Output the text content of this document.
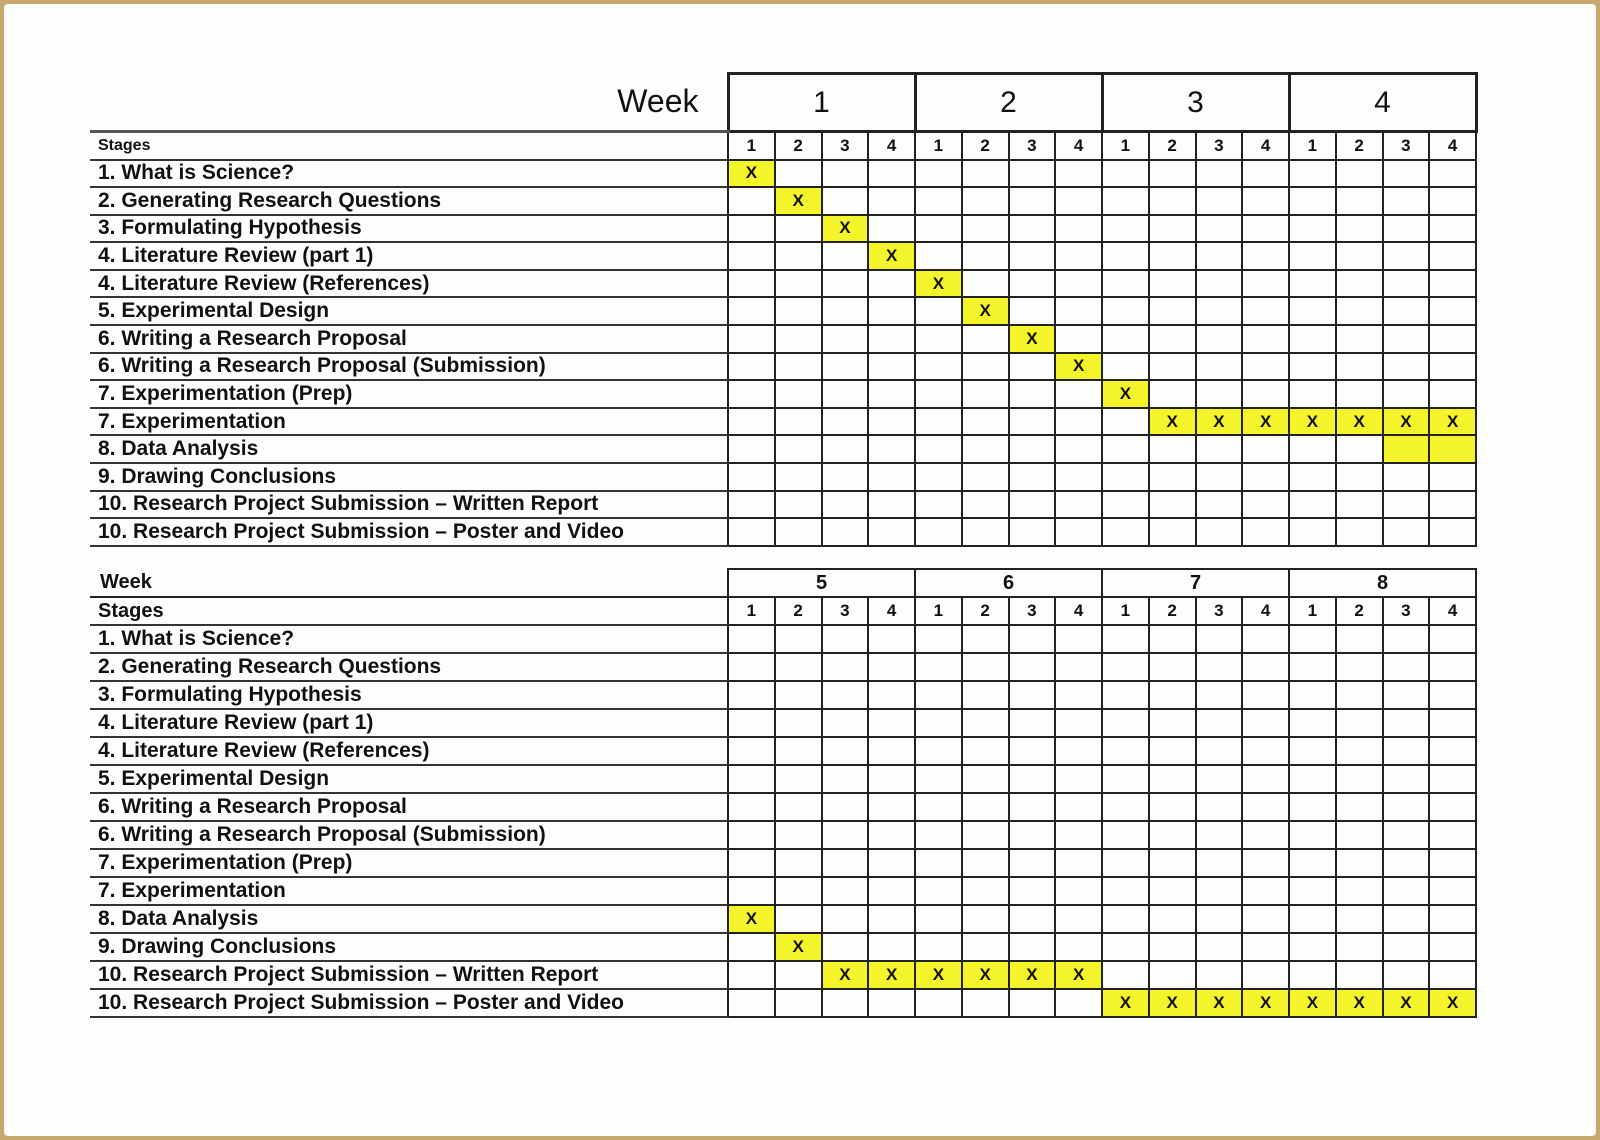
Week	1				2				3				4			
Stages	1	2	3	4	1	2	3	4	1	2	3	4	1	2	3	4
1. What is Science?	X															
2. Generating Research Questions		X														
3. Formulating Hypothesis			X													
4. Literature Review (part 1)				X												
4. Literature Review (References)					X											
5. Experimental Design						X										
6. Writing a Research Proposal							X									
6. Writing a Research Proposal (Submission)								X								
7. Experimentation (Prep)									X							
7. Experimentation										X	X	X	X	X	X	X
8. Data Analysis																
9. Drawing Conclusions																
10. Research Project Submission – Written Report																
10. Research Project Submission – Poster and Video																
Week	5				6				7				8			
Stages	1	2	3	4	1	2	3	4	1	2	3	4	1	2	3	4
1. What is Science?																
2. Generating Research Questions																
3. Formulating Hypothesis																
4. Literature Review (part 1)																
4. Literature Review (References)																
5. Experimental Design																
6. Writing a Research Proposal																
6. Writing a Research Proposal (Submission)																
7. Experimentation (Prep)																
7. Experimentation																
8. Data Analysis	X															
9. Drawing Conclusions		X														
10. Research Project Submission – Written Report			X	X	X	X	X	X								
10. Research Project Submission – Poster and Video									X	X	X	X	X	X	X	X
